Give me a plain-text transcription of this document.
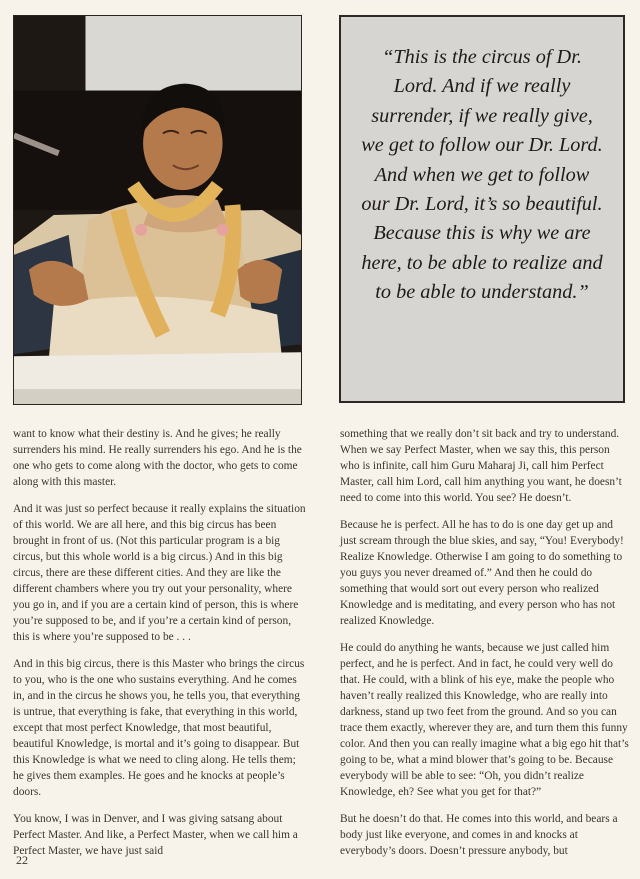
“This is the circus of Dr. Lord. And if we really surrender, if we really give, we get to follow our Dr. Lord. And when we get to follow our Dr. Lord, it’s so beautiful. Because this is why we are here, to be able to realize and to be able to understand.”

want to know what their destiny is. And he gives; he really surrenders his mind. He really surrenders his ego. And he is the one who gets to come along with the doctor, who gets to come along with this master.

And it was just so perfect because it really explains the situation of this world. We are all here, and this big circus has been brought in front of us. (Not this particular program is a big circus, but this whole world is a big circus.) And in this big circus, there are these different cities. And they are like the different chambers where you try out your personality, where you go in, and if you are a certain kind of person, this is where you’re supposed to be, and if you’re a certain kind of person, this is where you’re supposed to be . . .

And in this big circus, there is this Master who brings the circus to you, who is the one who sustains everything. And he comes in, and in the circus he shows you, he tells you, that everything is untrue, that everything is fake, that everything in this world, except that most perfect Knowledge, that most beautiful, beautiful Knowledge, is mortal and it’s going to disappear. But this Knowledge is what we need to cling along. He tells them; he gives them examples. He goes and he knocks at people’s doors.

You know, I was in Denver, and I was giving satsang about Perfect Master. And like, a Perfect Master, when we call him a Perfect Master, we have just said

something that we really don’t sit back and try to understand. When we say Perfect Master, when we say this, this person who is infinite, call him Guru Maharaj Ji, call him Perfect Master, call him Lord, call him anything you want, he doesn’t need to come into this world. You see? He doesn’t.

Because he is perfect. All he has to do is one day get up and just scream through the blue skies, and say, “You! Everybody! Realize Knowledge. Otherwise I am going to do something to you guys you never dreamed of.” And then he could do something that would sort out every person who realized Knowledge and is meditating, and every person who has not realized Knowledge.

He could do anything he wants, because we just called him perfect, and he is perfect. And in fact, he could very well do that. He could, with a blink of his eye, make the people who haven’t really realized this Knowledge, who are really into darkness, stand up two feet from the ground. And so you can trace them exactly, wherever they are, and turn them this funny color. And then you can really imagine what a big ego hit that’s going to be, what a mind blower that’s going to be. Because everybody will be able to see: “Oh, you didn’t realize Knowledge, eh? See what you get for that?”

But he doesn’t do that. He comes into this world, and bears a body just like everyone, and comes in and knocks at everybody’s doors. Doesn’t pressure anybody, but

22
